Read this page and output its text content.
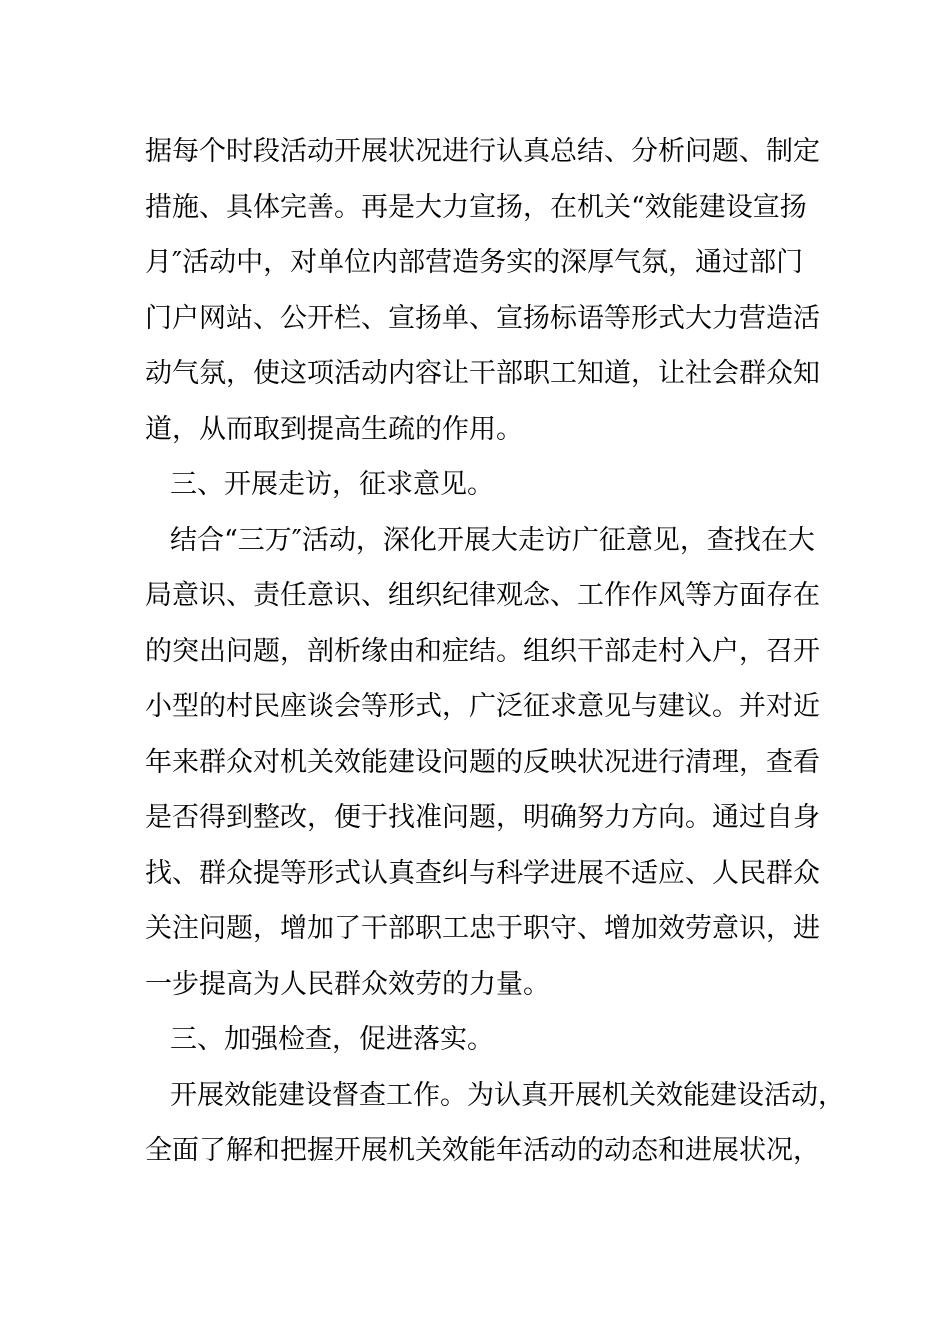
据每个时段活动开展状况进行认真总结、分析问题、制定
措施、具体完善。再是大力宣扬，在机关“效能建设宣扬
月″活动中，对单位内部营造务实的深厚气氛，通过部门
门户网站、公开栏、宣扬单、宣扬标语等形式大力营造活
动气氛，使这项活动内容让干部职工知道，让社会群众知
道，从而取到提高生疏的作用。
三、开展走访，征求意见。
结合“三万″活动，深化开展大走访广征意见，查找在大
局意识、责任意识、组织纪律观念、工作作风等方面存在
的突出问题，剖析缘由和症结。组织干部走村入户，召开
小型的村民座谈会等形式，广泛征求意见与建议。并对近
年来群众对机关效能建设问题的反映状况进行清理，查看
是否得到整改，便于找准问题，明确努力方向。通过自身
找、群众提等形式认真查纠与科学进展不适应、人民群众
关注问题，增加了干部职工忠于职守、增加效劳意识，进
一步提高为人民群众效劳的力量。
三、加强检查，促进落实。
开展效能建设督查工作。为认真开展机关效能建设活动，
全面了解和把握开展机关效能年活动的动态和进展状况，
